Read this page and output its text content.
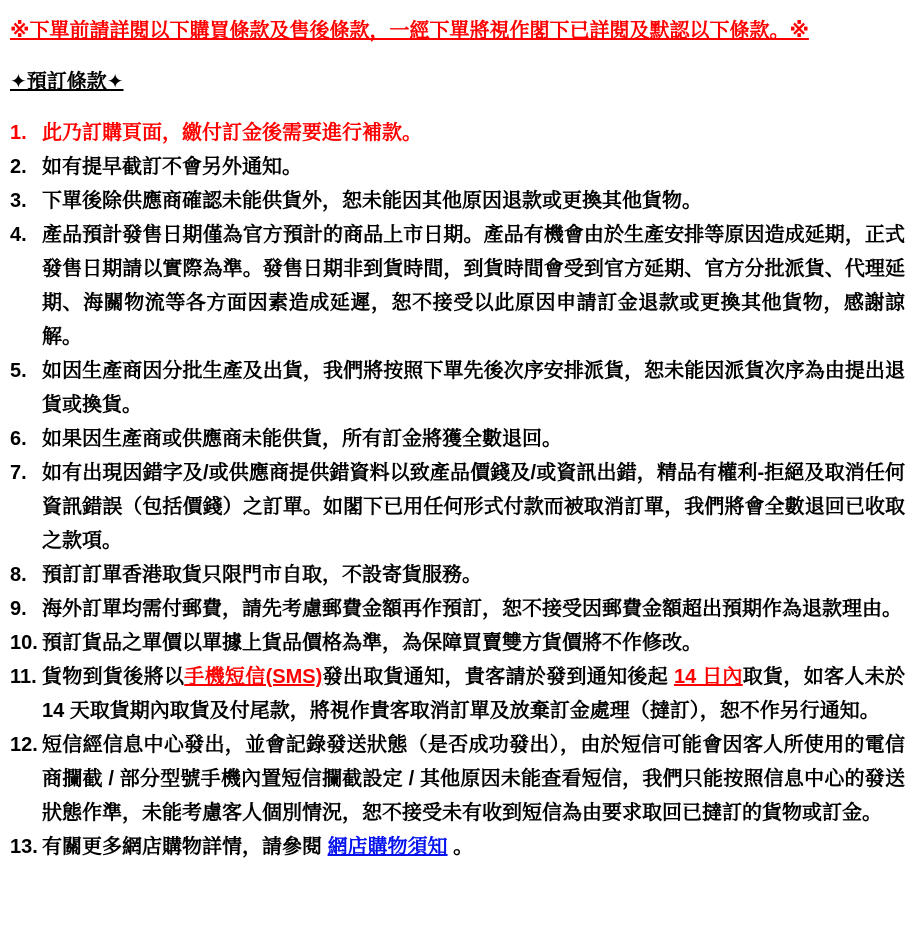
※下單前請詳閱以下購買條款及售後條款，一經下單將視作閣下已詳閱及默認以下條款。※

✦預訂條款✦

1. 此乃訂購頁面，繳付訂金後需要進行補款。
2. 如有提早截訂不會另外通知。
3. 下單後除供應商確認未能供貨外，恕未能因其他原因退款或更換其他貨物。
4. 產品預計發售日期僅為官方預計的商品上市日期。產品有機會由於生產安排等原因造成延期，正式發售日期請以實際為準。發售日期非到貨時間，到貨時間會受到官方延期、官方分批派貨、代理延期、海關物流等各方面因素造成延遲，恕不接受以此原因申請訂金退款或更換其他貨物，感謝諒解。
5. 如因生產商因分批生產及出貨，我們將按照下單先後次序安排派貨，恕未能因派貨次序為由提出退貨或換貨。
6. 如果因生產商或供應商未能供貨，所有訂金將獲全數退回。
7. 如有出現因錯字及/或供應商提供錯資料以致產品價錢及/或資訊出錯，精品有權利-拒絕及取消任何資訊錯誤（包括價錢）之訂單。如閣下已用任何形式付款而被取消訂單，我們將會全數退回已收取之款項。
8. 預訂訂單香港取貨只限門市自取，不設寄貨服務。
9. 海外訂單均需付郵費，請先考慮郵費金額再作預訂，恕不接受因郵費金額超出預期作為退款理由。
10. 預訂貨品之單價以單據上貨品價格為準，為保障買賣雙方貨價將不作修改。
11. 貨物到貨後將以手機短信(SMS)發出取貨通知，貴客請於發到通知後起 14 日內取貨，如客人未於 14 天取貨期內取貨及付尾款，將視作貴客取消訂單及放棄訂金處理（撻訂），恕不作另行通知。
12. 短信經信息中心發出，並會記錄發送狀態（是否成功發出），由於短信可能會因客人所使用的電信商攔截 / 部分型號手機內置短信攔截設定 / 其他原因未能查看短信，我們只能按照信息中心的發送狀態作準，未能考慮客人個別情況，恕不接受未有收到短信為由要求取回已撻訂的貨物或訂金。
13. 有關更多網店購物詳情，請參閱 網店購物須知 。
